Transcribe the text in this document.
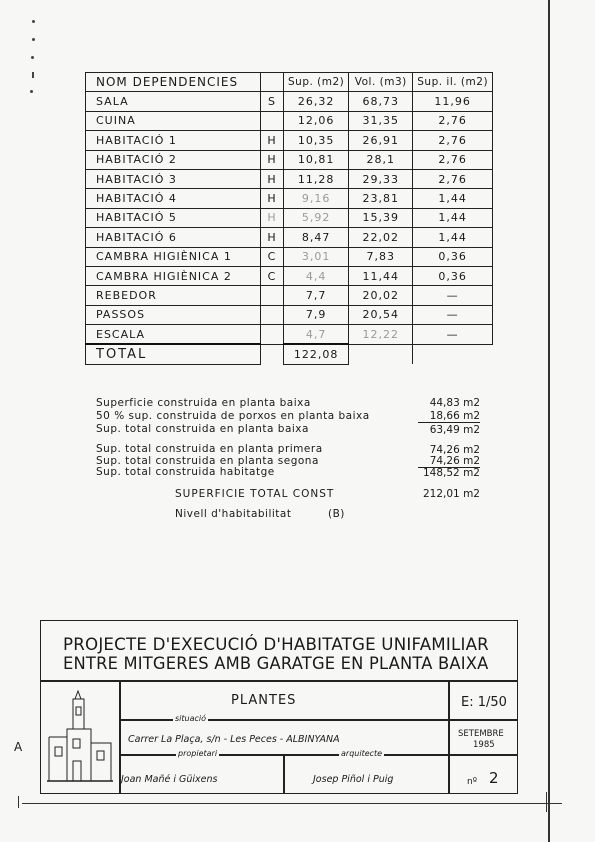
NOM DEPENDENCIES		Sup. (m2)	Vol. (m3)	Sup. il. (m2)
SALA	S	26,32	68,73	11,96
CUINA		12,06	31,35	2,76
HABITACIÓ 1	H	10,35	26,91	2,76
HABITACIÓ 2	H	10,81	28,1	2,76
HABITACIÓ 3	H	11,28	29,33	2,76
HABITACIÓ 4	H	9,16	23,81	1,44
HABITACIÓ 5	H	5,92	15,39	1,44
HABITACIÓ 6	H	8,47	22,02	1,44
CAMBRA HIGIÈNICA 1	C	3,01	7,83	0,36
CAMBRA HIGIÈNICA 2	C	4,4	11,44	0,36
REBEDOR		7,7	20,02	—
PASSOS		7,9	20,54	—
ESCALA		4,7	12,22	—
TOTAL		122,08		
Superficie construida en planta baixa	44,83 m2
50 % sup. construida de porxos en planta baixa	18,66 m2
Sup. total construida en planta baixa	63,49 m2
Sup. total construida en planta primera	74,26 m2
Sup. total construida en planta segona	74,26 m2
Sup. total construida habitatge	148,52 m2
SUPERFICIE TOTAL CONST	212,01 m2
Nivell d'habitabilitat	(B)
A
PROJECTE D'EXECUCIÓ D'HABITATGE UNIFAMILIAR
ENTRE MITGERES AMB GARATGE EN PLANTA BAIXA
PLANTES	E: 1/50
situació
Carrer La Plaça, s/n - Les Peces - ALBINYANA	SETEMBRE
1985
propietari	arquitecte
Joan Mañé i Güixens	Josep Piñol i Puig	nº 2
